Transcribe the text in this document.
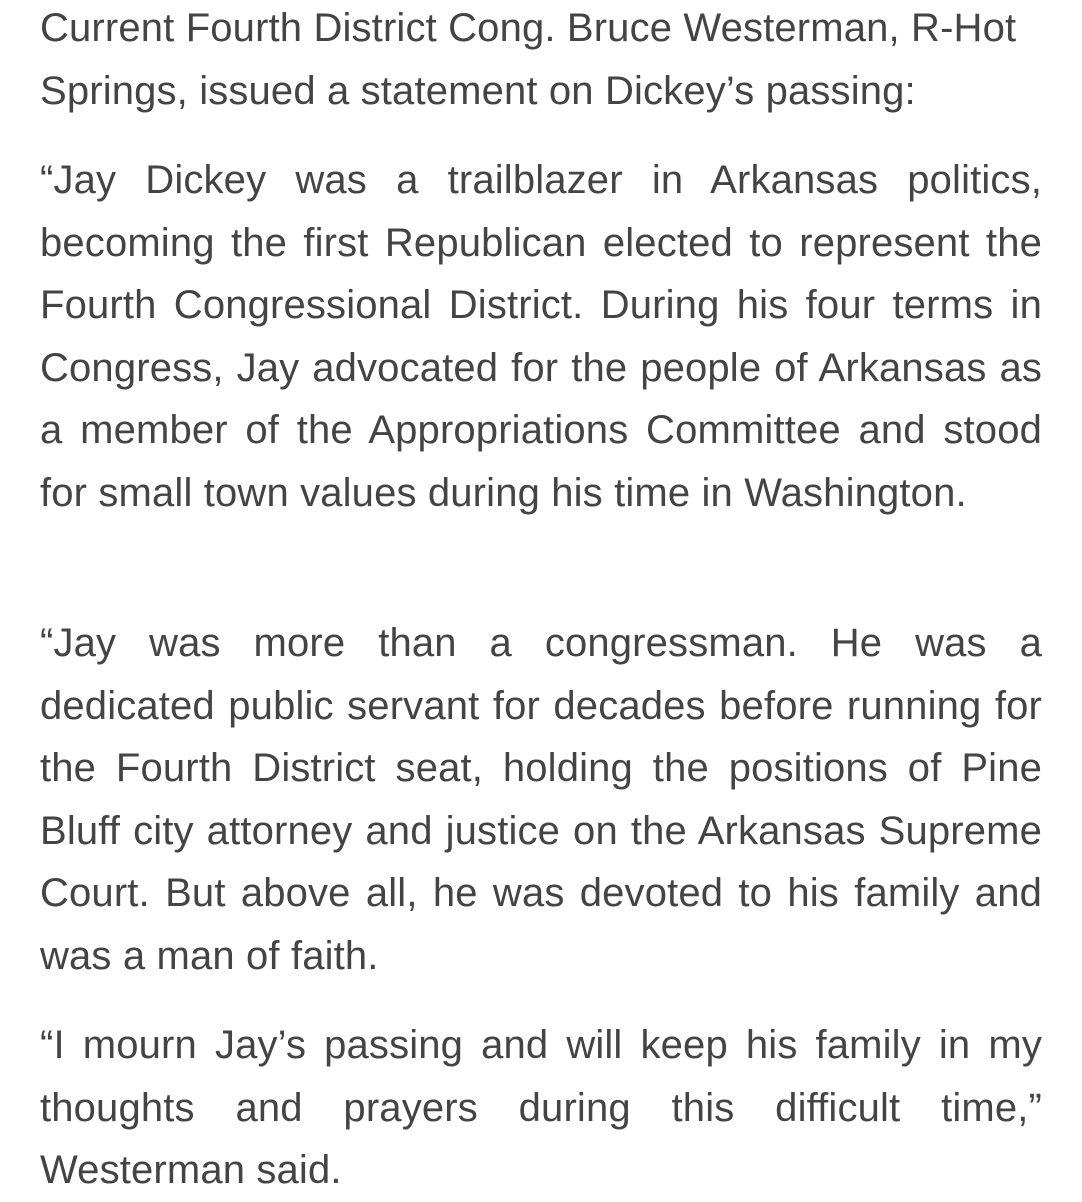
Current Fourth District Cong. Bruce Westerman, R-Hot Springs, issued a statement on Dickey’s passing:

“Jay Dickey was a trailblazer in Arkansas politics, becoming the first Republican elected to represent the Fourth Congressional District. During his four terms in Congress, Jay advocated for the people of Arkansas as a member of the Appropriations Committee and stood for small town values during his time in Washington.

“Jay was more than a congressman. He was a dedicated public servant for decades before running for the Fourth District seat, holding the positions of Pine Bluff city attorney and justice on the Arkansas Supreme Court. But above all, he was devoted to his family and was a man of faith.

“I mourn Jay’s passing and will keep his family in my thoughts and prayers during this difficult time,” Westerman said.
